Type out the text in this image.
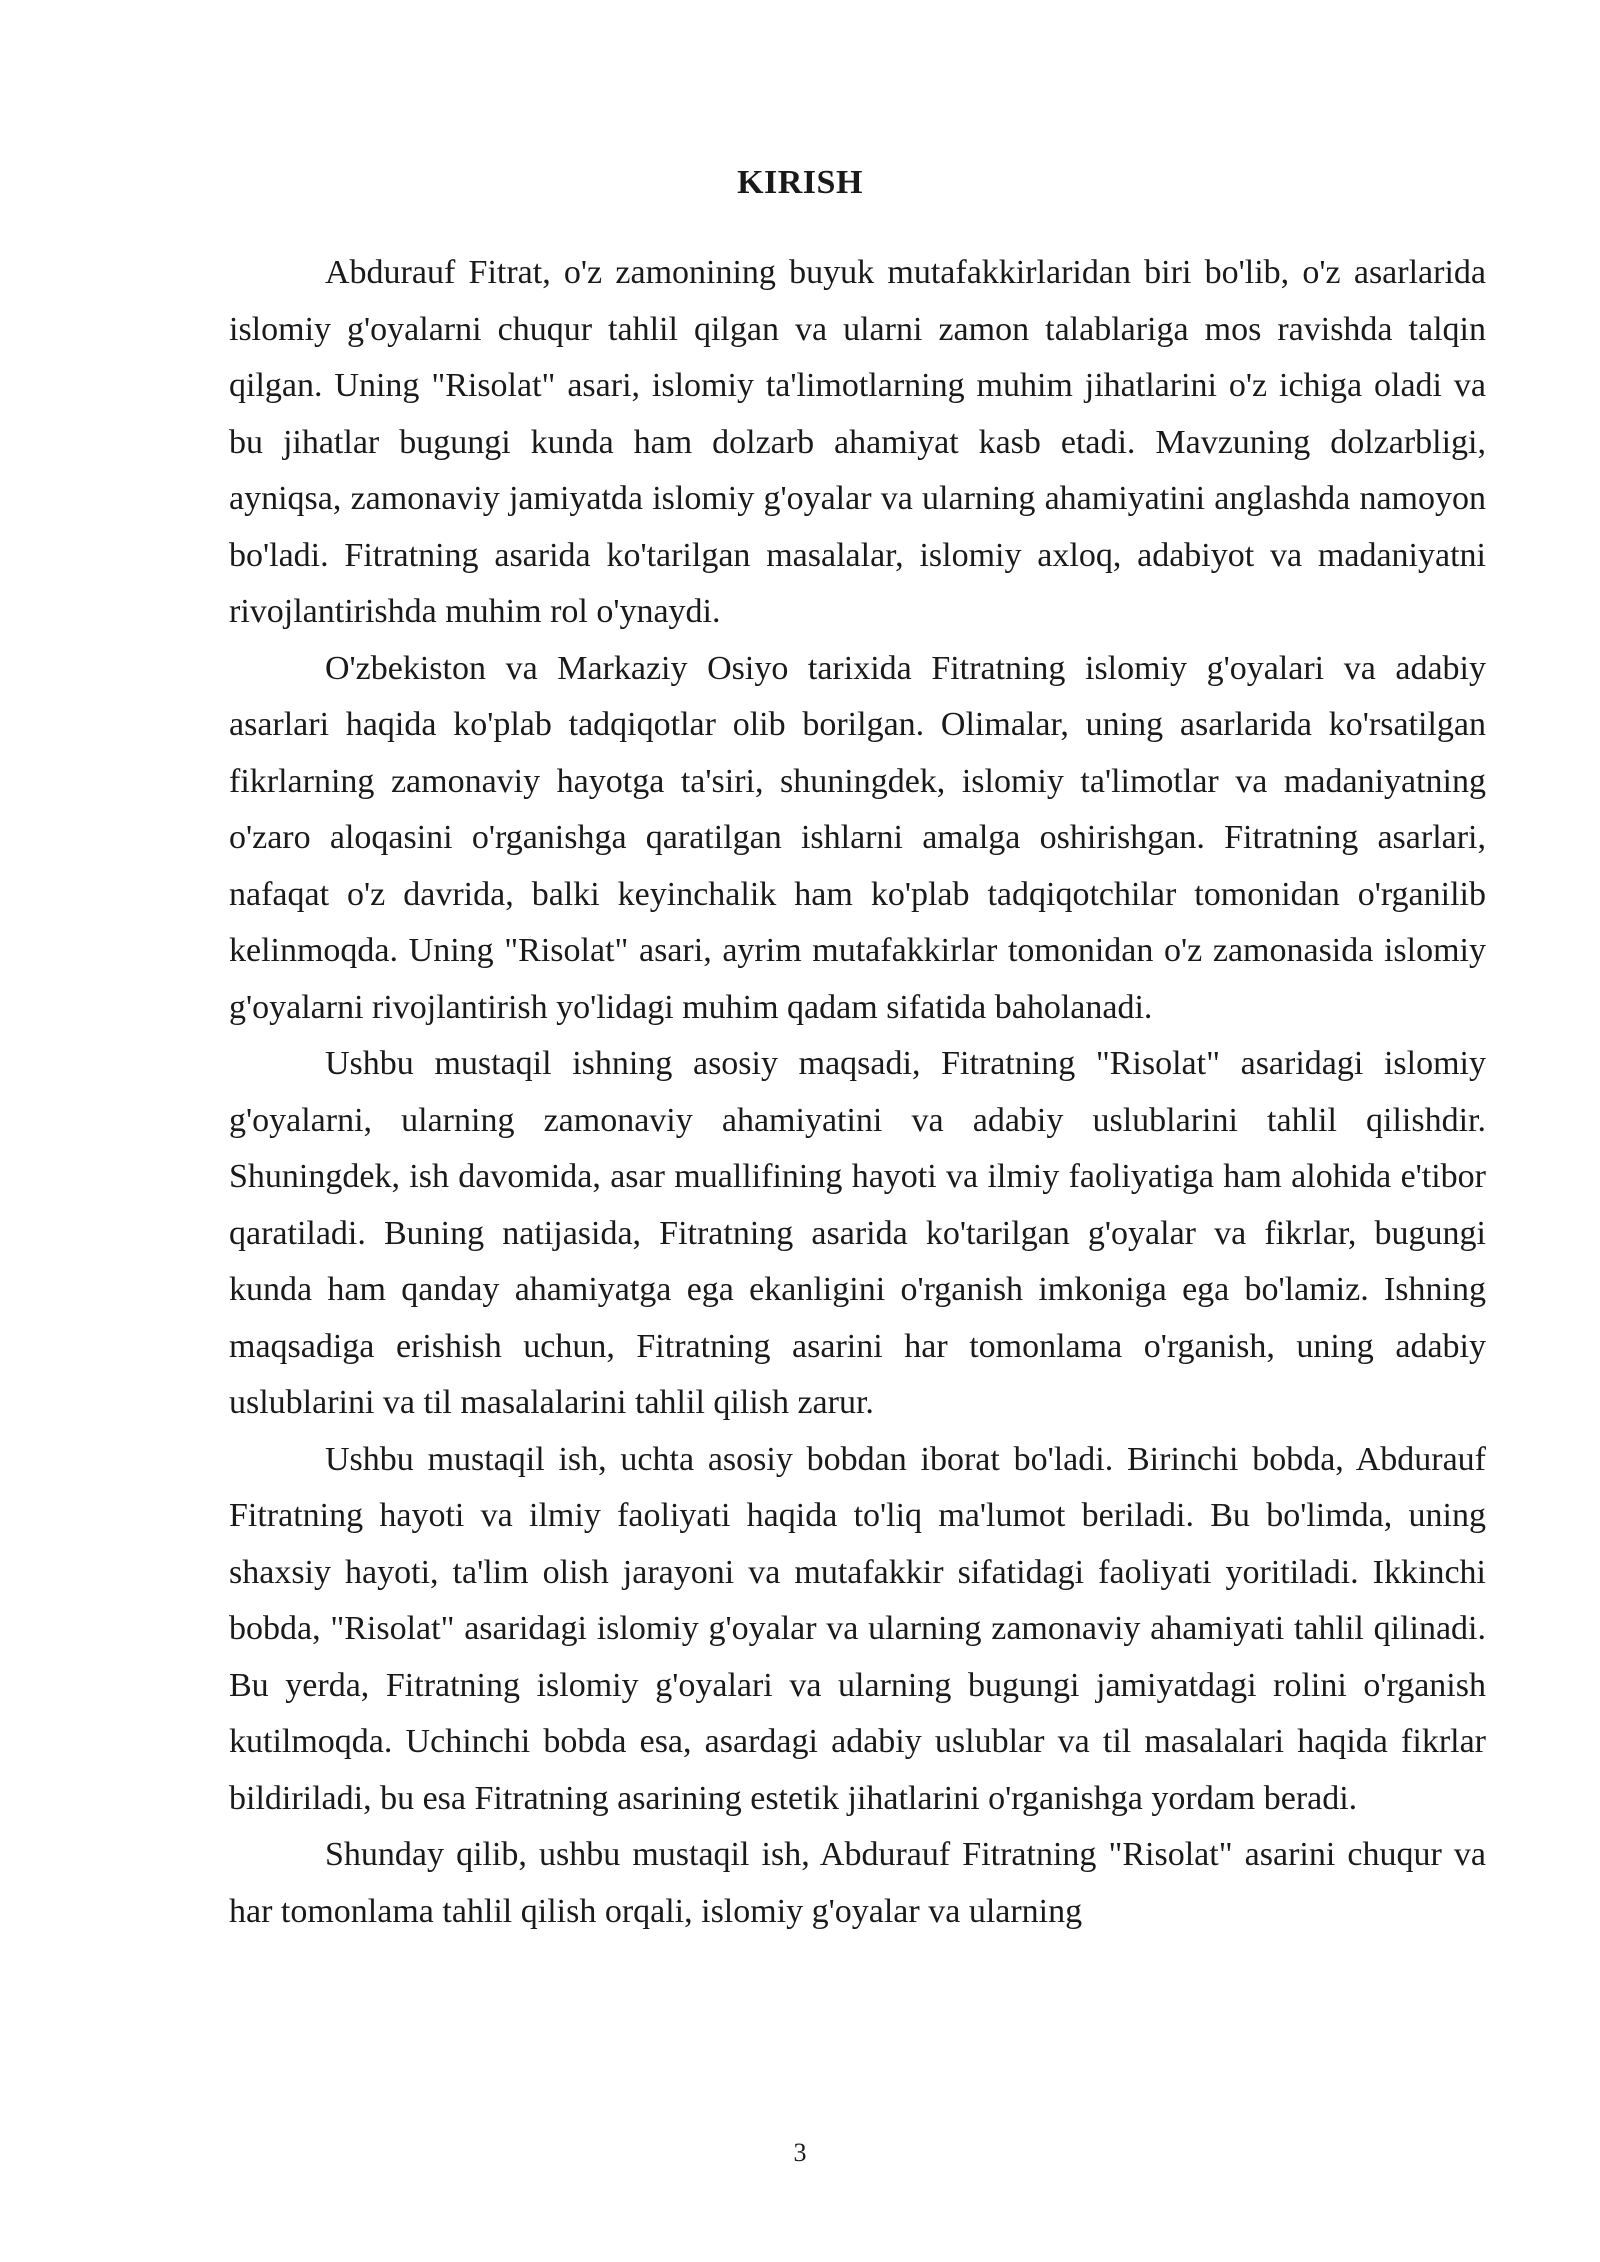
KIRISH

Abdurauf Fitrat, o'z zamonining buyuk mutafakkirlaridan biri bo'lib, o'z asarlarida islomiy g'oyalarni chuqur tahlil qilgan va ularni zamon talablariga mos ravishda talqin qilgan. Uning "Risolat" asari, islomiy ta'limotlarning muhim jihatlarini o'z ichiga oladi va bu jihatlar bugungi kunda ham dolzarb ahamiyat kasb etadi. Mavzuning dolzarbligi, ayniqsa, zamonaviy jamiyatda islomiy g'oyalar va ularning ahamiyatini anglashda namoyon bo'ladi. Fitratning asarida ko'tarilgan masalalar, islomiy axloq, adabiyot va madaniyatni rivojlantirishda muhim rol o'ynaydi.

O'zbekiston va Markaziy Osiyo tarixida Fitratning islomiy g'oyalari va adabiy asarlari haqida ko'plab tadqiqotlar olib borilgan. Olimalar, uning asarlarida ko'rsatilgan fikrlarning zamonaviy hayotga ta'siri, shuningdek, islomiy ta'limotlar va madaniyatning o'zaro aloqasini o'rganishga qaratilgan ishlarni amalga oshirishgan. Fitratning asarlari, nafaqat o'z davrida, balki keyinchalik ham ko'plab tadqiqotchilar tomonidan o'rganilib kelinmoqda. Uning "Risolat" asari, ayrim mutafakkirlar tomonidan o'z zamonasida islomiy g'oyalarni rivojlantirish yo'lidagi muhim qadam sifatida baholanadi.

Ushbu mustaqil ishning asosiy maqsadi, Fitratning "Risolat" asaridagi islomiy g'oyalarni, ularning zamonaviy ahamiyatini va adabiy uslublarini tahlil qilishdir. Shuningdek, ish davomida, asar muallifining hayoti va ilmiy faoliyatiga ham alohida e'tibor qaratiladi. Buning natijasida, Fitratning asarida ko'tarilgan g'oyalar va fikrlar, bugungi kunda ham qanday ahamiyatga ega ekanligini o'rganish imkoniga ega bo'lamiz. Ishning maqsadiga erishish uchun, Fitratning asarini har tomonlama o'rganish, uning adabiy uslublarini va til masalalarini tahlil qilish zarur.

Ushbu mustaqil ish, uchta asosiy bobdan iborat bo'ladi. Birinchi bobda, Abdurauf Fitratning hayoti va ilmiy faoliyati haqida to'liq ma'lumot beriladi. Bu bo'limda, uning shaxsiy hayoti, ta'lim olish jarayoni va mutafakkir sifatidagi faoliyati yoritiladi. Ikkinchi bobda, "Risolat" asaridagi islomiy g'oyalar va ularning zamonaviy ahamiyati tahlil qilinadi. Bu yerda, Fitratning islomiy g'oyalari va ularning bugungi jamiyatdagi rolini o'rganish kutilmoqda. Uchinchi bobda esa, asardagi adabiy uslublar va til masalalari haqida fikrlar bildiriladi, bu esa Fitratning asarining estetik jihatlarini o'rganishga yordam beradi.

Shunday qilib, ushbu mustaqil ish, Abdurauf Fitratning "Risolat" asarini chuqur va har tomonlama tahlil qilish orqali, islomiy g'oyalar va ularning

3
